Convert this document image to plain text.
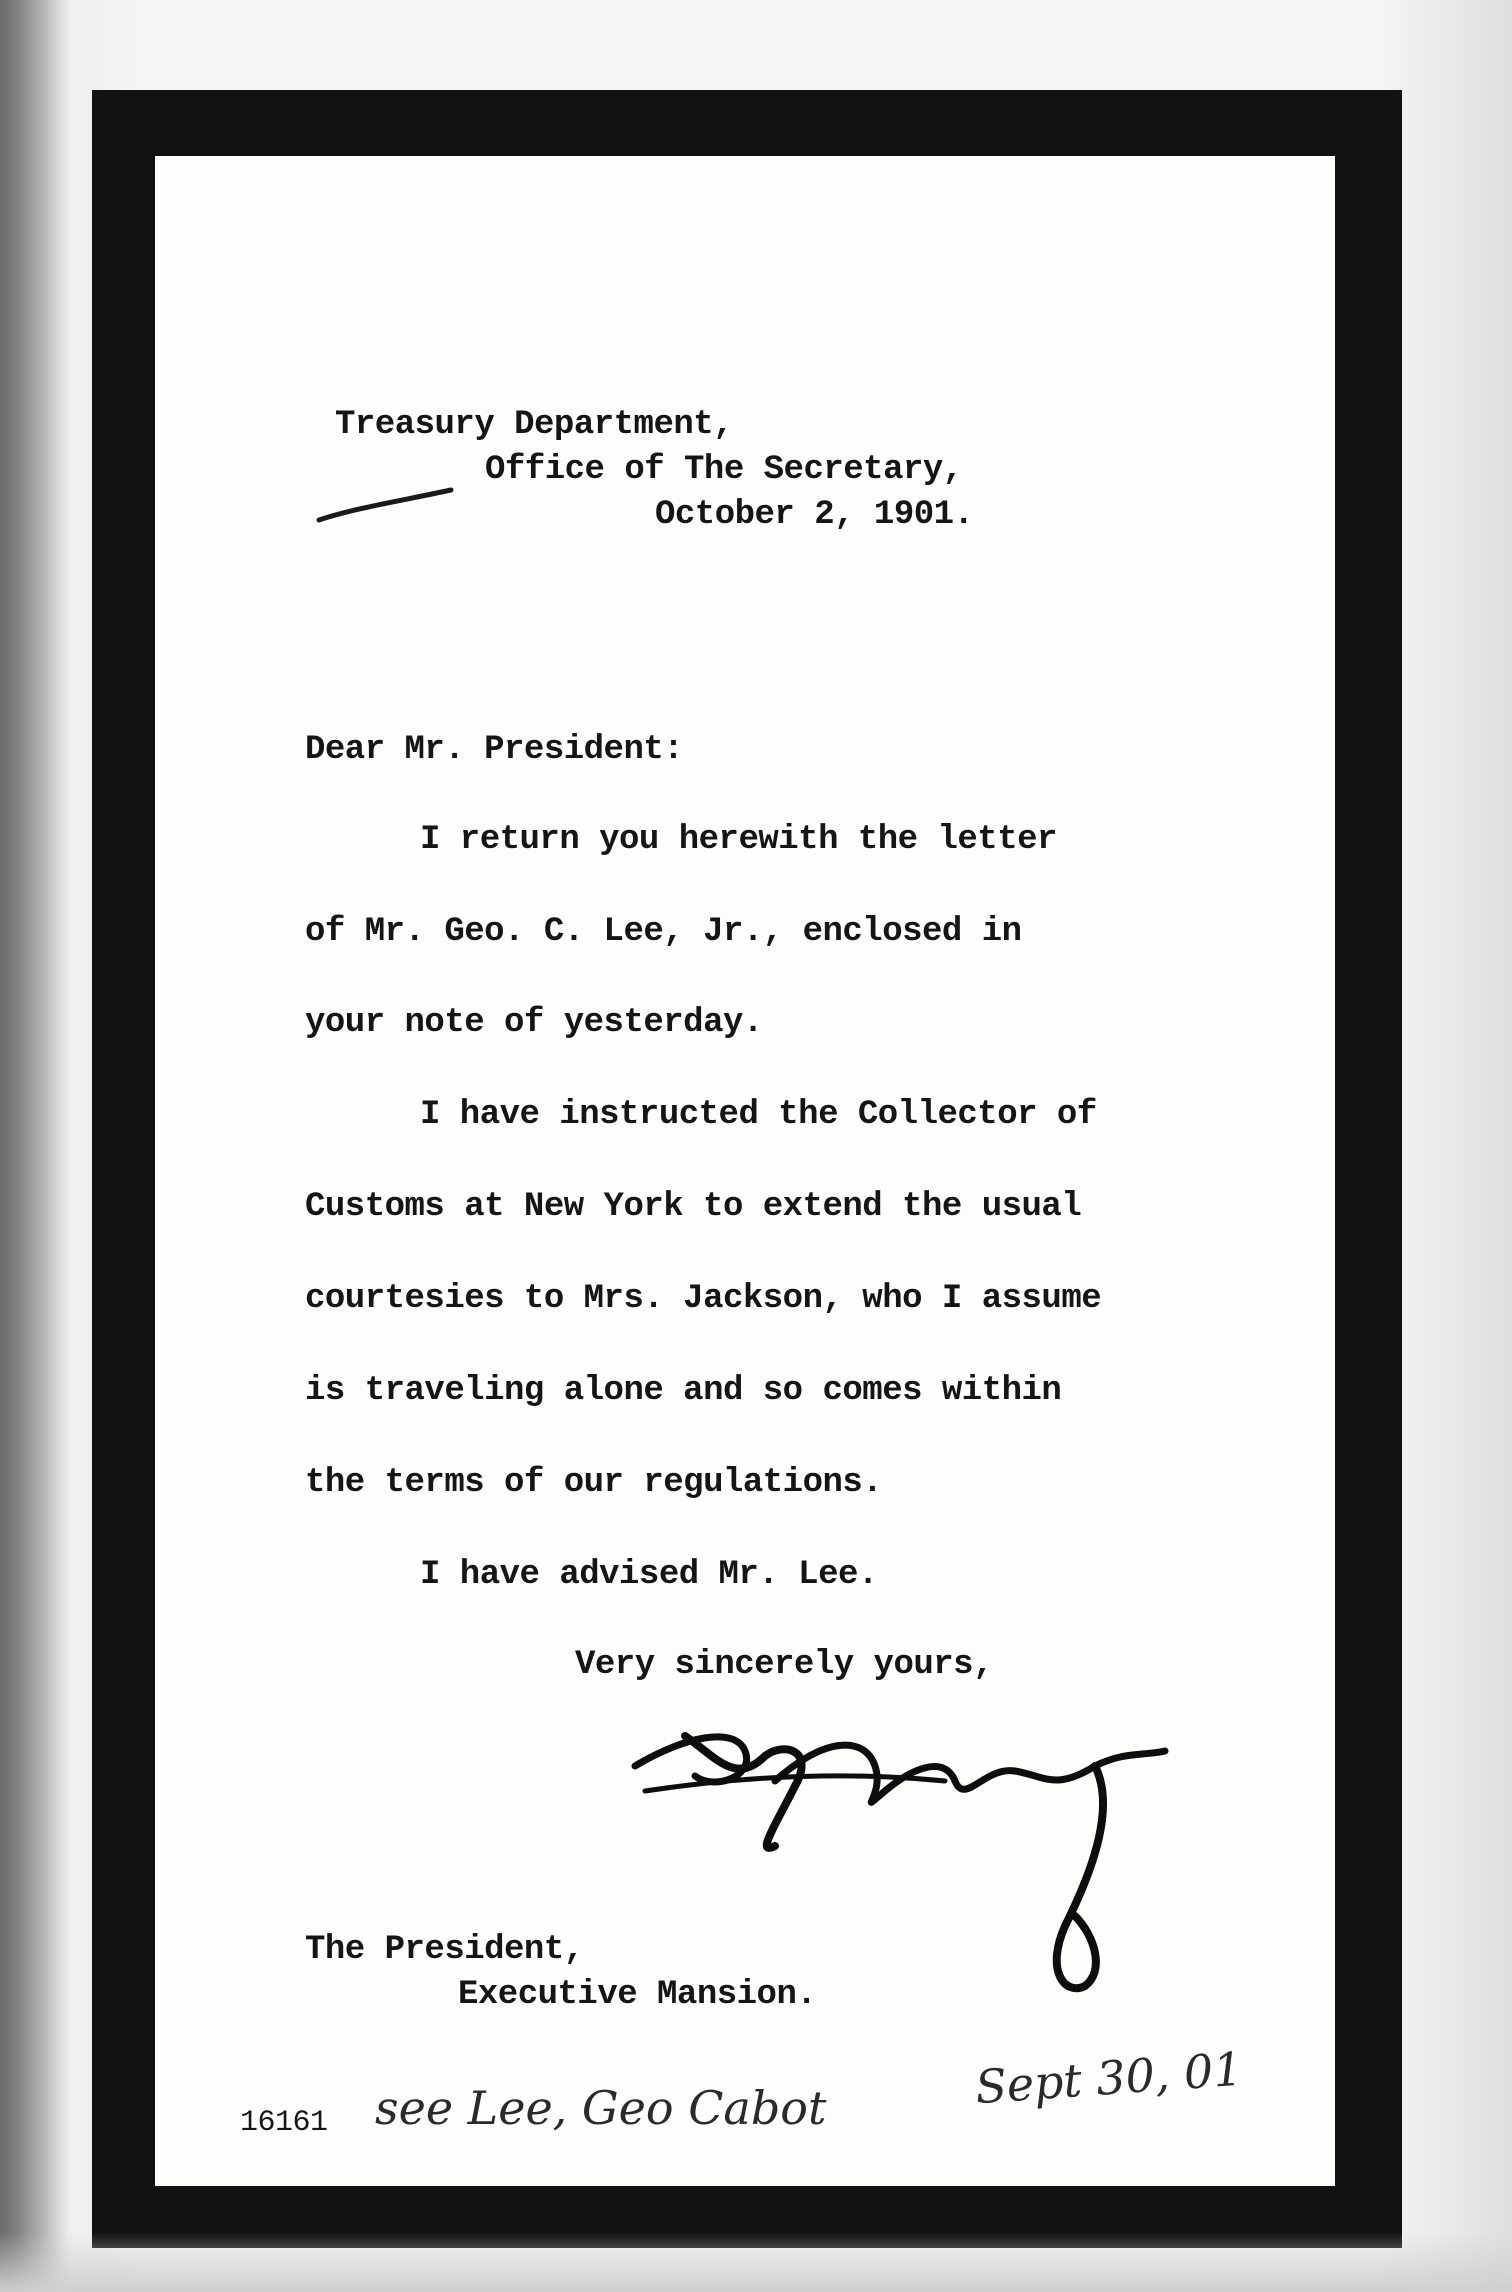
Treasury Department,
Office of The Secretary,
October 2, 1901.
Dear Mr. President:
I return you herewith the letter
of Mr. Geo. C. Lee, Jr., enclosed in
your note of yesterday.
I have instructed the Collector of
Customs at New York to extend the usual
courtesies to Mrs. Jackson, who I assume
is traveling alone and so comes within
the terms of our regulations.
I have advised Mr. Lee.
Very sincerely yours,
The President,
Executive Mansion.
16161 see Lee, Geo Cabot	Sept 30, 01
